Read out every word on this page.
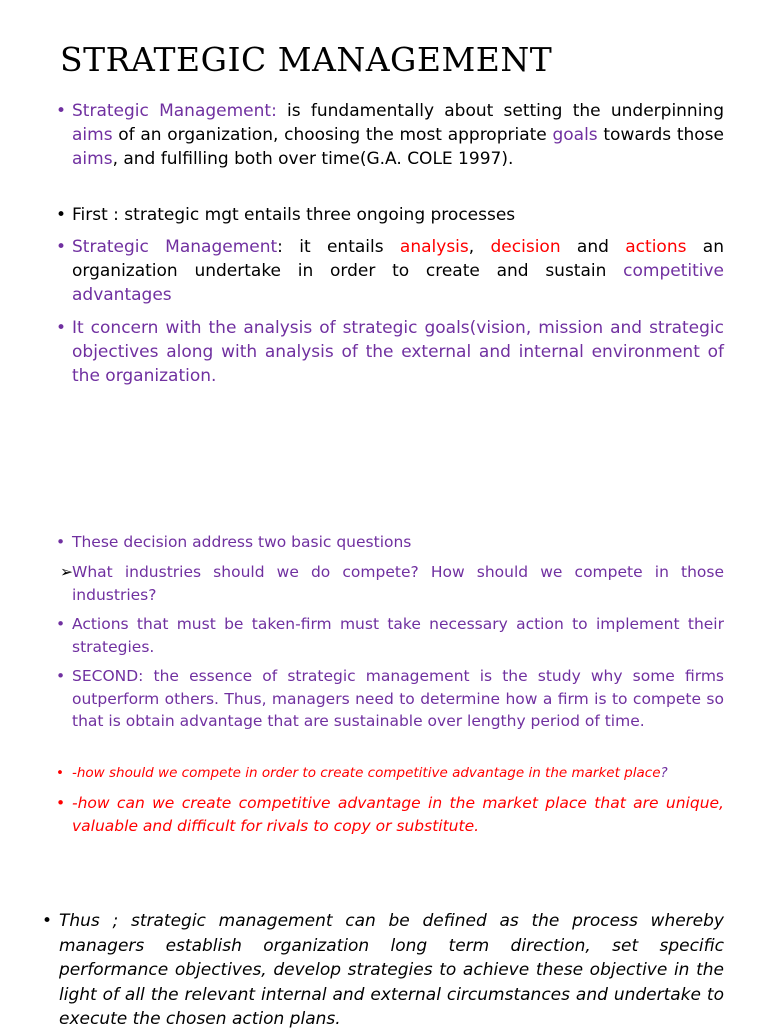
STRATEGIC MANAGEMENT
• Strategic Management: is fundamentally about setting the underpinning aims of an organization, choosing the most appropriate goals towards those aims, and fulfilling both over time(G.A. COLE 1997).
• First : strategic mgt entails three ongoing processes
• Strategic Management: it entails analysis, decision and actions an organization undertake in order to create and sustain competitive advantages
• It concern with the analysis of strategic goals(vision, mission and strategic objectives along with analysis of the external and internal environment of the organization.
• These decision address two basic questions
➢ What industries should we do compete? How should we compete in those industries?
• Actions that must be taken-firm must take necessary action to implement their strategies.
• SECOND: the essence of strategic management is the study why some firms outperform others. Thus, managers need to determine how a firm is to compete so that is obtain advantage that are sustainable over lengthy period of time.
• -how should we compete in order to create competitive advantage in the market place?
• -how can we create competitive advantage in the market place that are unique, valuable and difficult for rivals to copy or substitute.
• Thus ; strategic management can be defined as the process whereby managers establish organization long term direction, set specific performance objectives, develop strategies to achieve these objective in the light of all the relevant internal and external circumstances and undertake to execute the chosen action plans.
